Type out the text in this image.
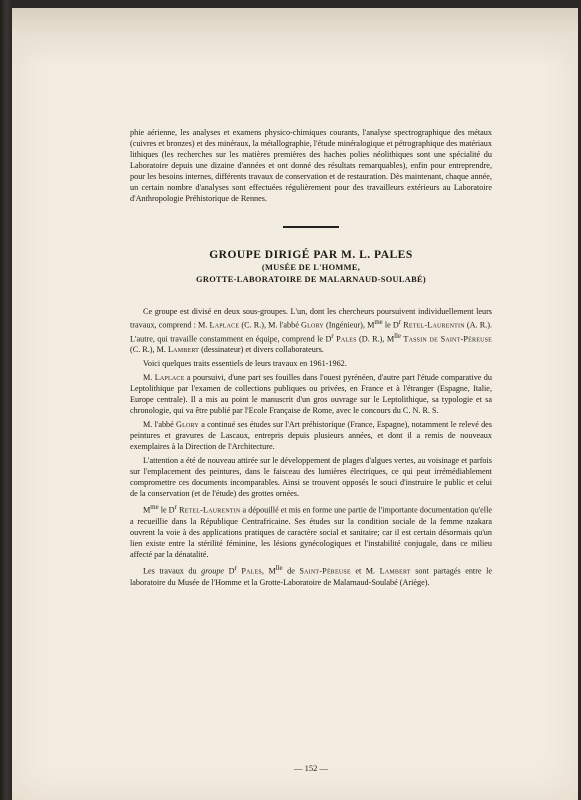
phie aérienne, les analyses et examens physico-chimiques courants, l'analyse spectrographique des métaux (cuivres et bronzes) et des minéraux, la métallographie, l'étude minéralogique et pétrographique des matériaux lithiques (les recherches sur les matières premières des haches polies néolithiques sont une spécialité du Laboratoire depuis une dizaine d'années et ont donné des résultats remarquables), enfin pour entreprendre, pour les besoins internes, différents travaux de conservation et de restauration. Dès maintenant, chaque année, un certain nombre d'analyses sont effectuées régulièrement pour des travailleurs extérieurs au Laboratoire d'Anthropologie Préhistorique de Rennes.

GROUPE DIRIGÉ PAR M. L. PALES

(MUSÉE DE L'HOMME,
GROTTE-LABORATOIRE DE MALARNAUD-SOULABÉ)

Ce groupe est divisé en deux sous-groupes. L'un, dont les chercheurs poursuivent individuellement leurs travaux, comprend : M. Laplace (C. R.), M. l'abbé Glory (Ingénieur), $M^{me}$ le $D^r$ Retel-Laurentin (A. R.). L'autre, qui travaille constamment en équipe, comprend le $D^r$ Pales (D. R.), $M^{lle}$ Tassin de Saint-Péreuse (C. R.), M. Lambert (dessinateur) et divers collaborateurs.

Voici quelques traits essentiels de leurs travaux en 1961-1962.

M. Laplace a poursuivi, d'une part ses fouilles dans l'ouest pyrénéen, d'autre part l'étude comparative du Leptolithique par l'examen de collections publiques ou privées, en France et à l'étranger (Espagne, Italie, Europe centrale). Il a mis au point le manuscrit d'un gros ouvrage sur le Leptolithique, sa typologie et sa chronologie, qui va être publié par l'Ecole Française de Rome, avec le concours du C. N. R. S.

M. l'abbé Glory a continué ses études sur l'Art préhistorique (France, Espagne), notamment le relevé des peintures et gravures de Lascaux, entrepris depuis plusieurs années, et dont il a remis de nouveaux exemplaires à la Direction de l'Architecture.

L'attention a été de nouveau attirée sur le développement de plages d'algues vertes, au voisinage et parfois sur l'emplacement des peintures, dans le faisceau des lumières électriques, ce qui peut irrémédiablement compromettre ces documents incomparables. Ainsi se trouvent opposés le souci d'instruire le public et celui de la conservation (et de l'étude) des grottes ornées.

$M^{me}$ le $D^r$ Retel-Laurentin a dépouillé et mis en forme une partie de l'importante documentation qu'elle a recueillie dans la République Centrafricaine. Ses études sur la condition sociale de la femme nzakara ouvrent la voie à des applications pratiques de caractère social et sanitaire; car il est certain désormais qu'un lien existe entre la stérilité féminine, les lésions gynécologiques et l'instabilité conjugale, dans ce milieu affecté par la dénatalité.

Les travaux du groupe $D^r$ Pales, $M^{lle}$ de Saint-Péreuse et M. Lambert sont partagés entre le laboratoire du Musée de l'Homme et la Grotte-Laboratoire de Malarnaud-Soulabé (Ariège).

— 152 —
